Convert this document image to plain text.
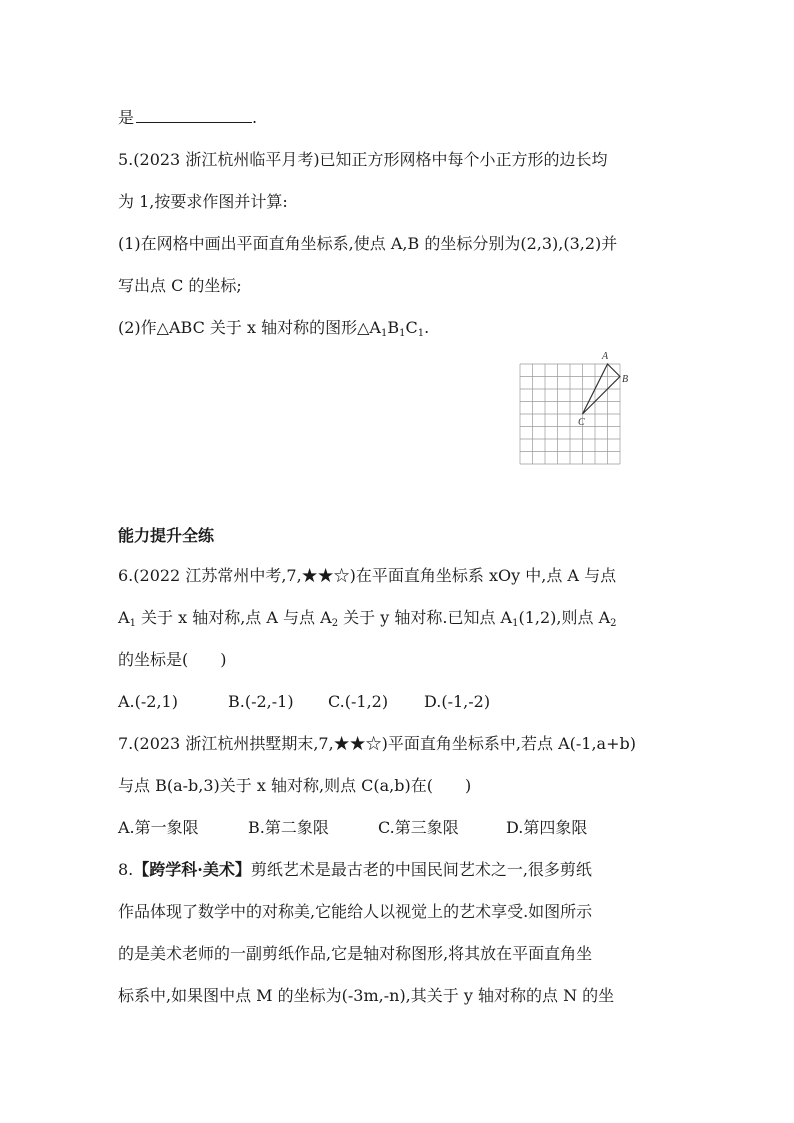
是	.
5.(2023 浙江杭州临平月考)已知正方形网格中每个小正方形的边长均
为 1,按要求作图并计算:
(1)在网格中画出平面直角坐标系,使点 A,B 的坐标分别为(2,3),(3,2)并
写出点 C 的坐标;
(2)作△ABC 关于 x 轴对称的图形$\triangle A_1B_1C_1$.
A
B
C
能力提升全练
6.(2022 江苏常州中考,7,★★☆)在平面直角坐标系 xOy 中,点 A 与点
$A_1$ 关于 x 轴对称,点 A 与点 $A_2$ 关于 y 轴对称.已知点 $A_1(1,2)$,则点 $A_2$
的坐标是(　　)
A.(-2,1)	B.(-2,-1) C.(-1,2) D.(-1,-2)
7.(2023 浙江杭州拱墅期末,7,★★☆)平面直角坐标系中,若点 A(-1,a+b)
与点 B(a-b,3)关于 x 轴对称,则点 C(a,b)在(　　)
A.第一象限	B.第二象限	C.第三象限	D.第四象限
8.【跨学科·美术】剪纸艺术是最古老的中国民间艺术之一,很多剪纸
作品体现了数学中的对称美,它能给人以视觉上的艺术享受.如图所示
的是美术老师的一副剪纸作品,它是轴对称图形,将其放在平面直角坐
标系中,如果图中点 M 的坐标为(-3m,-n),其关于 y 轴对称的点 N 的坐
